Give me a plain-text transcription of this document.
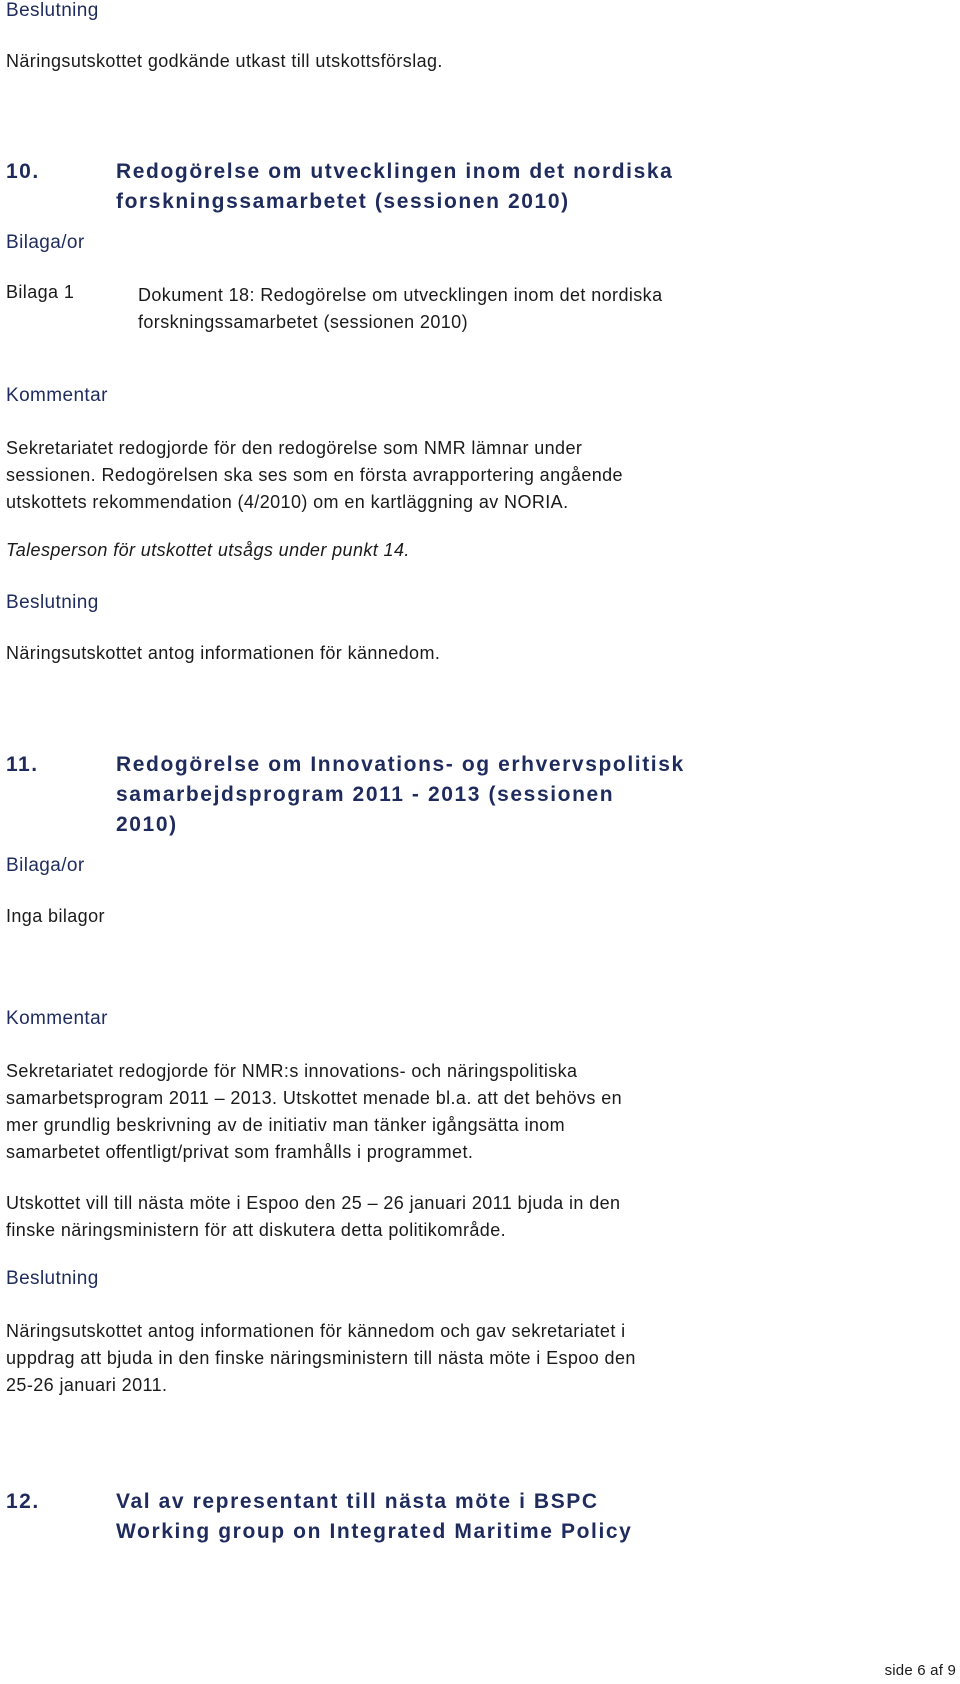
Beslutning
Näringsutskottet godkände utkast till utskottsförslag.
10.	Redogörelse om utvecklingen inom det nordiska
forskningssamarbetet (sessionen 2010)
Bilaga/or
Bilaga 1	Dokument 18: Redogörelse om utvecklingen inom det nordiska
forskningssamarbetet (sessionen 2010)
Kommentar
Sekretariatet redogjorde för den redogörelse som NMR lämnar under
sessionen. Redogörelsen ska ses som en första avrapportering angående
utskottets rekommendation (4/2010) om en kartläggning av NORIA.
Talesperson för utskottet utsågs under punkt 14.
Beslutning
Näringsutskottet antog informationen för kännedom.
11.	Redogörelse om Innovations- og erhvervspolitisk
samarbejdsprogram 2011 - 2013 (sessionen
2010)
Bilaga/or
Inga bilagor
Kommentar
Sekretariatet redogjorde för NMR:s innovations- och näringspolitiska
samarbetsprogram 2011 – 2013. Utskottet menade bl.a. att det behövs en
mer grundlig beskrivning av de initiativ man tänker igångsätta inom
samarbetet offentligt/privat som framhålls i programmet.
Utskottet vill till nästa möte i Espoo den 25 – 26 januari 2011 bjuda in den
finske näringsministern för att diskutera detta politikområde.
Beslutning
Näringsutskottet antog informationen för kännedom och gav sekretariatet i
uppdrag att bjuda in den finske näringsministern till nästa möte i Espoo den
25-26 januari 2011.
12.	Val av representant till nästa möte i BSPC
Working group on Integrated Maritime Policy
side 6 af 9
